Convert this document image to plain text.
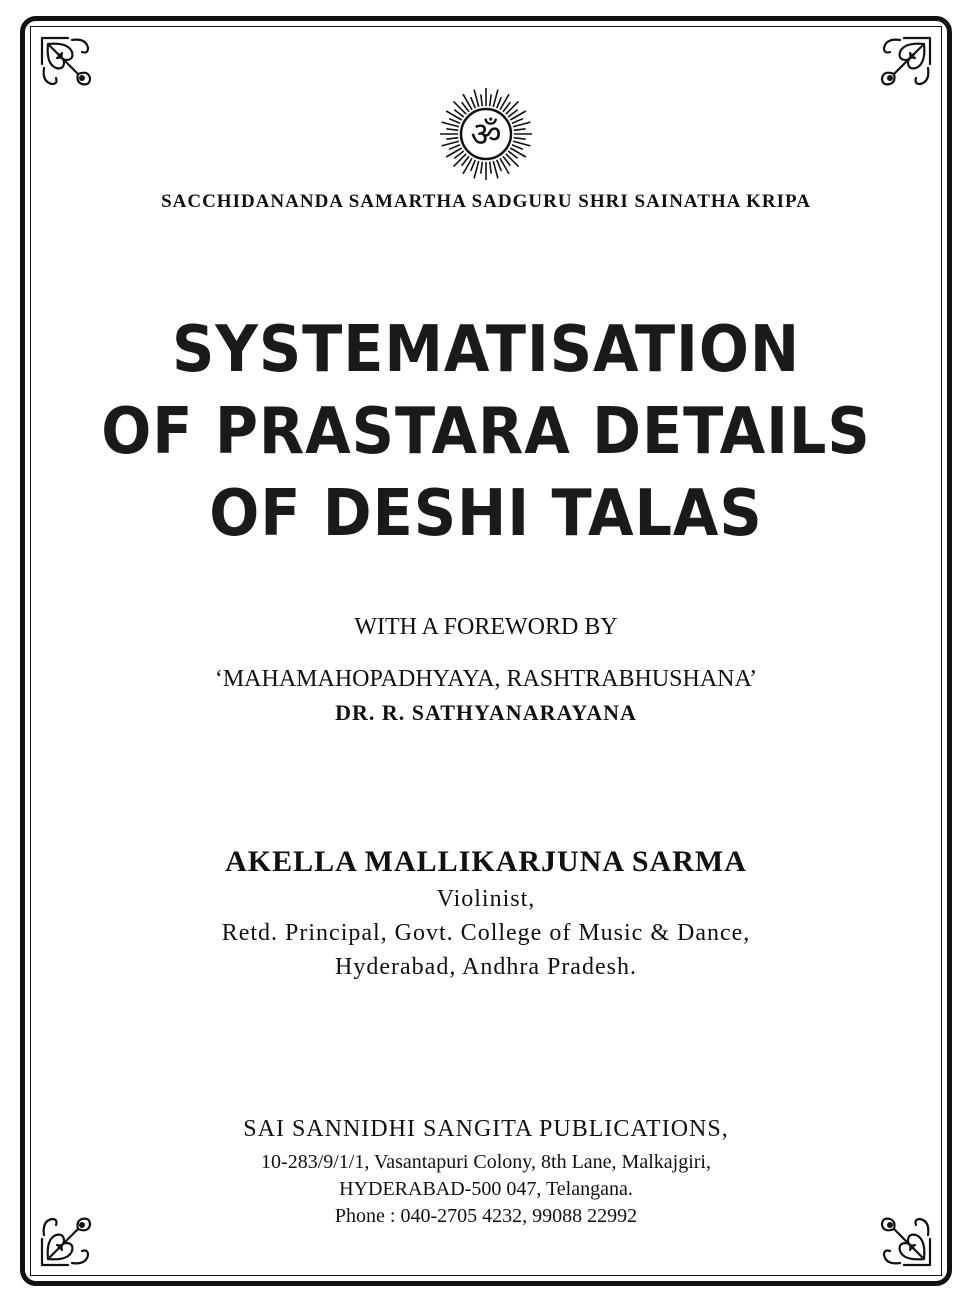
ॐ
SACCHIDANANDA SAMARTHA SADGURU SHRI SAINATHA KRIPA
SYSTEMATISATION
OF PRASTARA DETAILS
OF DESHI TALAS
WITH A FOREWORD BY
‘MAHAMAHOPADHYAYA, RASHTRABHUSHANA’
DR. R. SATHYANARAYANA
AKELLA MALLIKARJUNA SARMA
Violinist,
Retd. Principal, Govt. College of Music & Dance,
Hyderabad, Andhra Pradesh.
SAI SANNIDHI SANGITA PUBLICATIONS,
10-283/9/1/1, Vasantapuri Colony, 8th Lane, Malkajgiri,
HYDERABAD-500 047, Telangana.
Phone : 040-2705 4232, 99088 22992
